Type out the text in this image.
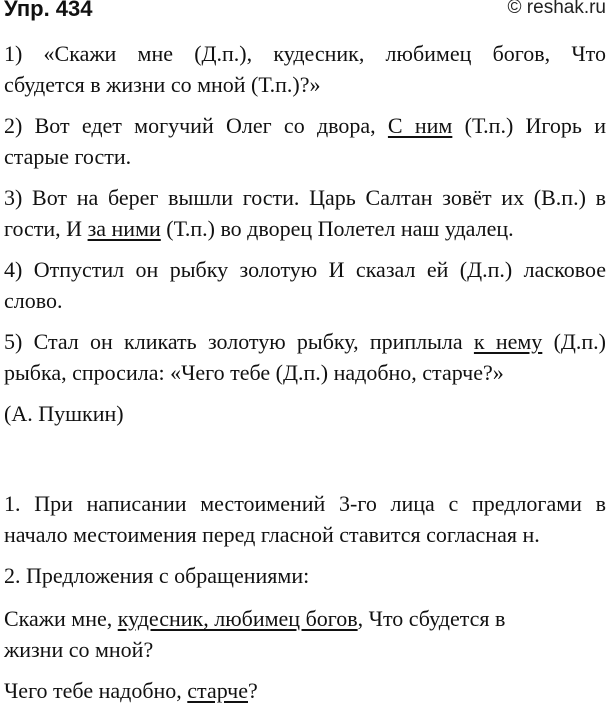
Упр. 434	© reshak.ru
1) «Скажи мне (Д.п.), кудесник, любимец богов, Что
сбудется в жизни со мной (Т.п.)?»
2) Вот едет могучий Олег со двора, С ним (Т.п.) Игорь и
старые гости.
3) Вот на берег вышли гости. Царь Салтан зовёт их (В.п.) в
гости, И за ними (Т.п.) во дворец Полетел наш удалец.
4) Отпустил он рыбку золотую И сказал ей (Д.п.) ласковое
слово.
5) Стал он кликать золотую рыбку, приплыла к нему (Д.п.)
рыбка, спросила: «Чего тебе (Д.п.) надобно, старче?»
(А. Пушкин)
1. При написании местоимений 3-го лица с предлогами в
начало местоимения перед гласной ставится согласная н.
2. Предложения с обращениями:
Скажи мне, кудесник, любимец богов, Что сбудется в
жизни со мной?
Чего тебе надобно, старче?
